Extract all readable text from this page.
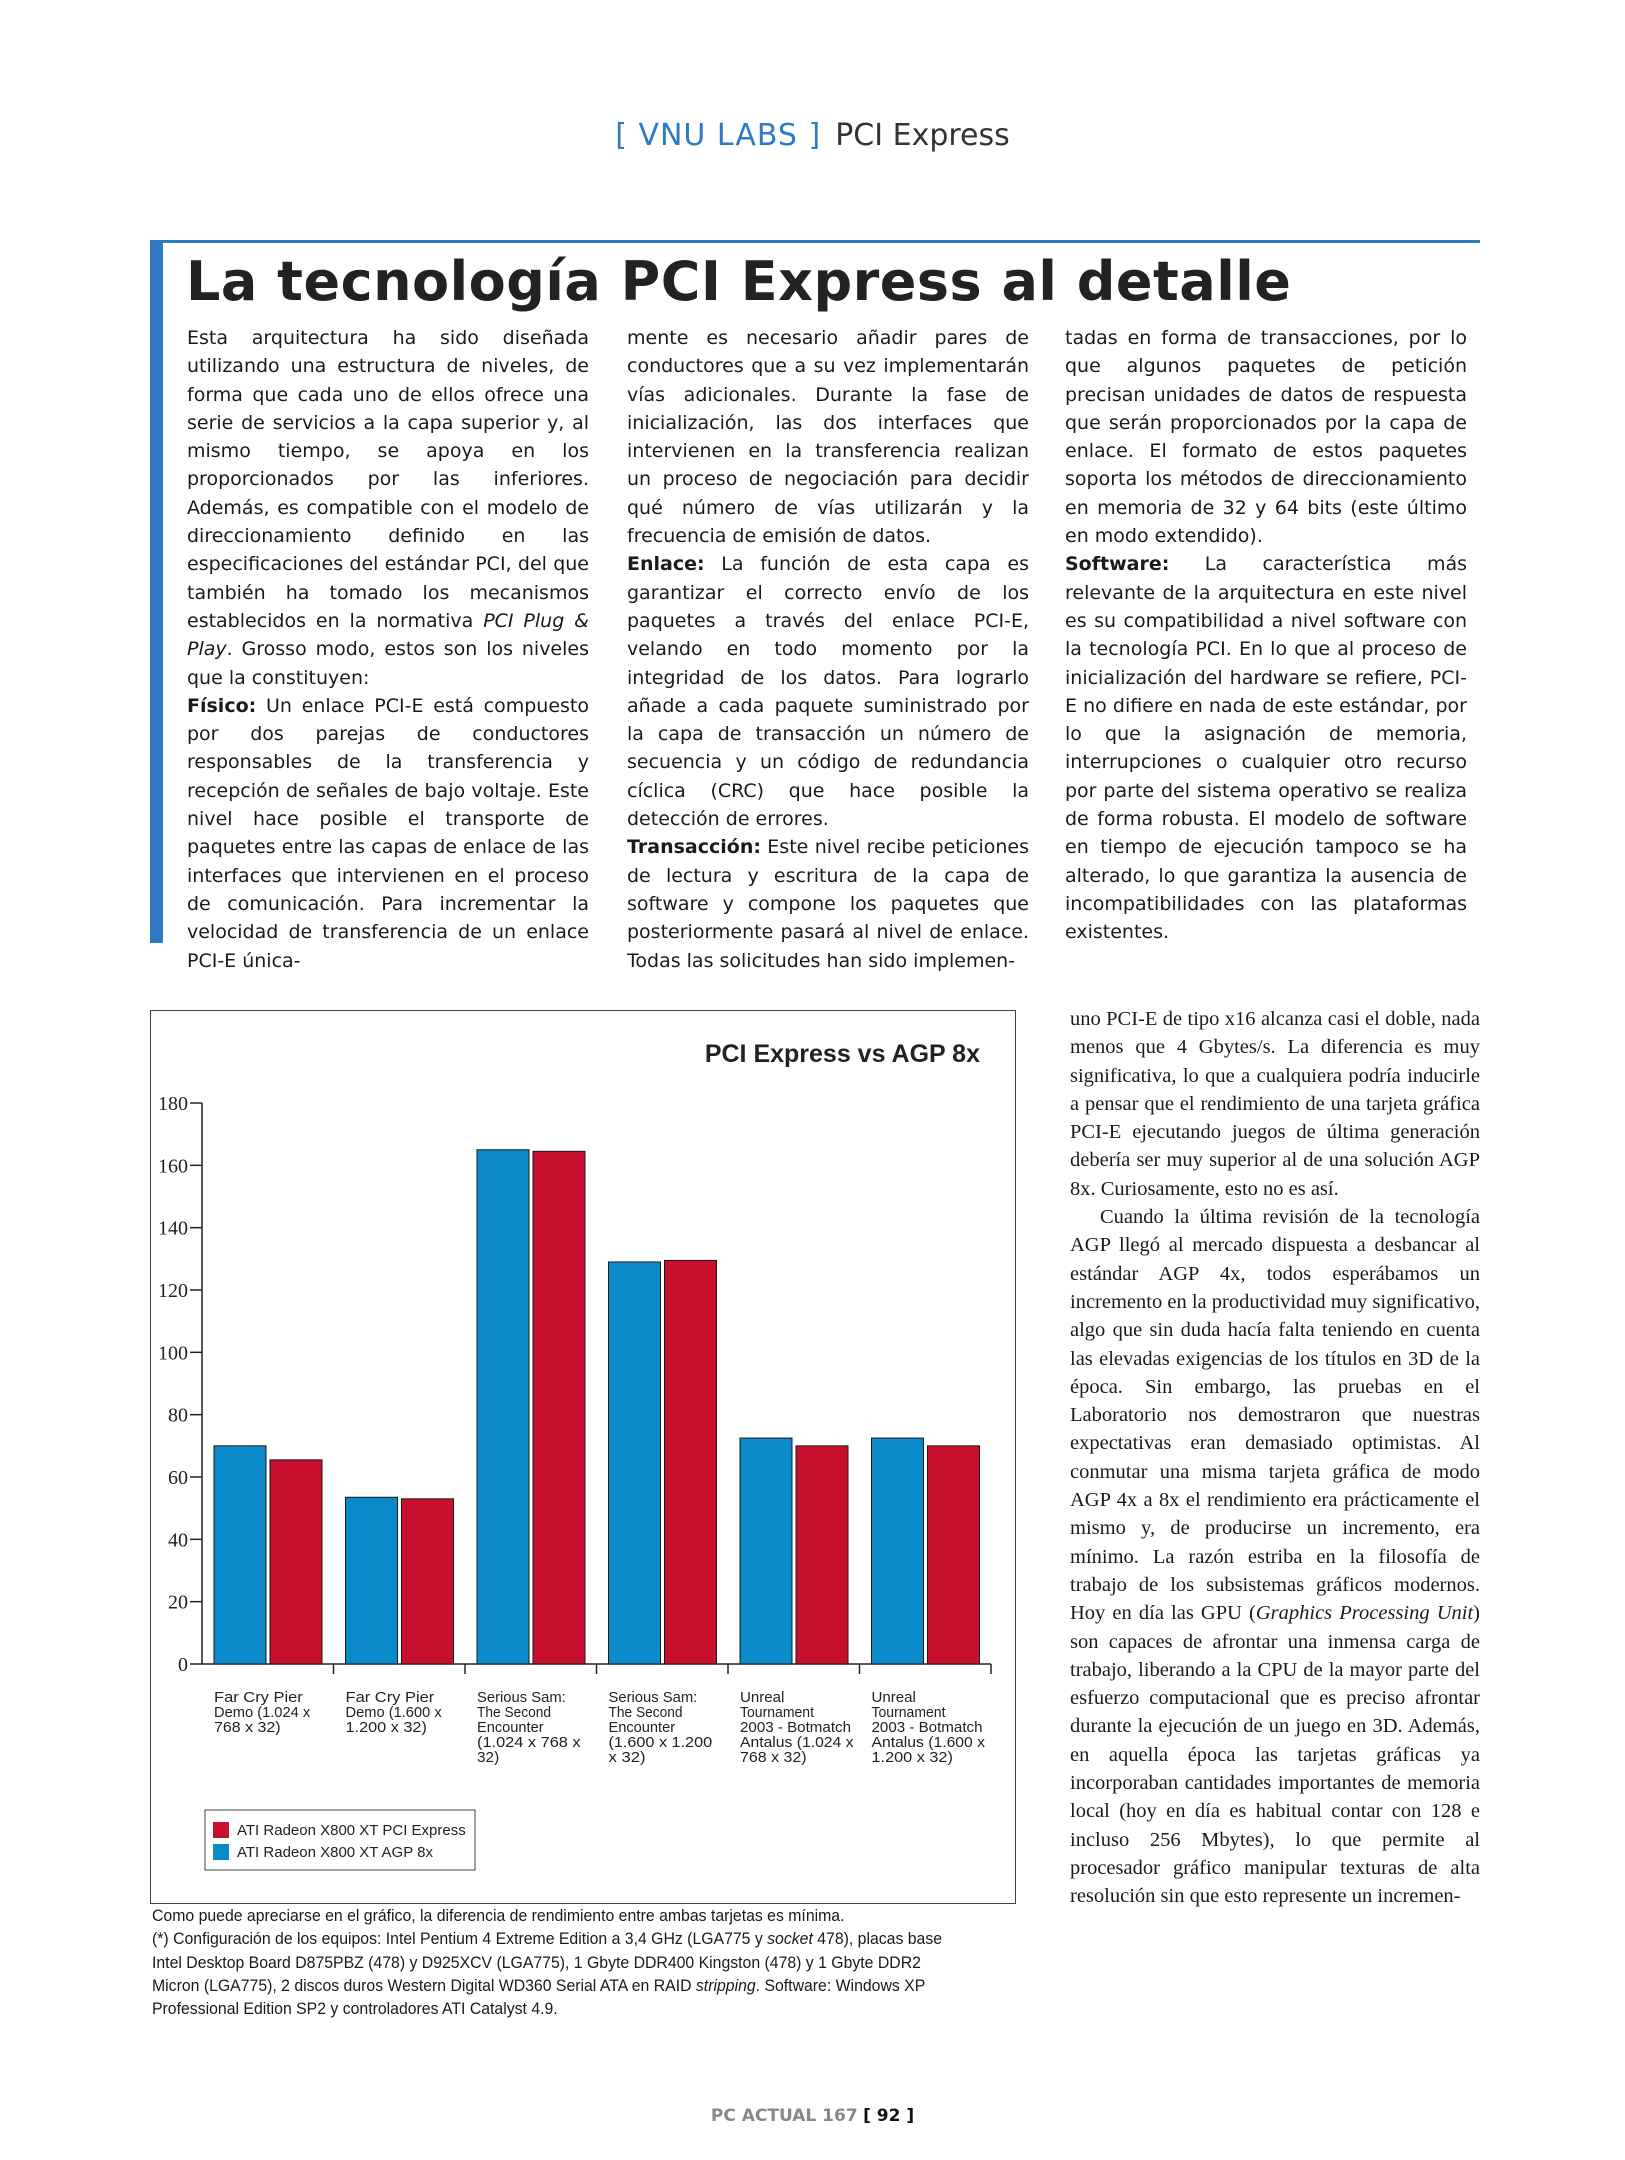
[ VNU LABS ] PCI Express
La tecnología PCI Express al detalle

Esta arquitectura ha sido diseñada utilizando una estructura de niveles, de forma que cada uno de ellos ofrece una serie de servicios a la capa superior y, al mismo tiempo, se apoya en los proporcionados por las inferiores. Además, es compatible con el modelo de direccionamiento definido en las especificaciones del estándar PCI, del que también ha tomado los mecanismos establecidos en la normativa PCI Plug & Play. Grosso modo, estos son los niveles que la constituyen:

Físico: Un enlace PCI-E está compuesto por dos parejas de conductores responsables de la transferencia y recepción de señales de bajo voltaje. Este nivel hace posible el transporte de paquetes entre las capas de enlace de las interfaces que intervienen en el proceso de comunicación. Para incrementar la velocidad de transferencia de un enlace PCI-E única-

mente es necesario añadir pares de conductores que a su vez implementarán vías adicionales. Durante la fase de inicialización, las dos interfaces que intervienen en la transferencia realizan un proceso de negociación para decidir qué número de vías utilizarán y la frecuencia de emisión de datos.

Enlace: La función de esta capa es garantizar el correcto envío de los paquetes a través del enlace PCI-E, velando en todo momento por la integridad de los datos. Para lograrlo añade a cada paquete suministrado por la capa de transacción un número de secuencia y un código de redundancia cíclica (CRC) que hace posible la detección de errores.

Transacción: Este nivel recibe peticiones de lectura y escritura de la capa de software y compone los paquetes que posteriormente pasará al nivel de enlace. Todas las solicitudes han sido implemen-

tadas en forma de transacciones, por lo que algunos paquetes de petición precisan unidades de datos de respuesta que serán proporcionados por la capa de enlace. El formato de estos paquetes soporta los métodos de direccionamiento en memoria de 32 y 64 bits (este último en modo extendido).

Software: La característica más relevante de la arquitectura en este nivel es su compatibilidad a nivel software con la tecnología PCI. En lo que al proceso de inicialización del hardware se refiere, PCI-E no difiere en nada de este estándar, por lo que la asignación de memoria, interrupciones o cualquier otro recurso por parte del sistema operativo se realiza de forma robusta. El modelo de software en tiempo de ejecución tampoco se ha alterado, lo que garantiza la ausencia de incompatibilidades con las plataformas existentes.

uno PCI-E de tipo x16 alcanza casi el doble, nada menos que 4 Gbytes/s. La diferencia es muy significativa, lo que a cualquiera podría inducirle a pensar que el rendimiento de una tarjeta gráfica PCI-E ejecutando juegos de última generación debería ser muy superior al de una solución AGP 8x. Curiosamente, esto no es así.

Cuando la última revisión de la tecnología AGP llegó al mercado dispuesta a desbancar al estándar AGP 4x, todos esperábamos un incremento en la productividad muy significativo, algo que sin duda hacía falta teniendo en cuenta las elevadas exigencias de los títulos en 3D de la época. Sin embargo, las pruebas en el Laboratorio nos demostraron que nuestras expectativas eran demasiado optimistas. Al conmutar una misma tarjeta gráfica de modo AGP 4x a 8x el rendimiento era prácticamente el mismo y, de producirse un incremento, era mínimo. La razón estriba en la filosofía de trabajo de los subsistemas gráficos modernos. Hoy en día las GPU (Graphics Processing Unit) son capaces de afrontar una inmensa carga de trabajo, liberando a la CPU de la mayor parte del esfuerzo computacional que es preciso afrontar durante la ejecución de un juego en 3D. Además, en aquella época las tarjetas gráficas ya incorporaban cantidades importantes de memoria local (hoy en día es habitual contar con 128 e incluso 256 Mbytes), lo que permite al procesador gráfico manipular texturas de alta resolución sin que esto represente un incremen-

PCI Express vs AGP 8x
0
20
40
60
80
100
120
140
160
180
Far Cry Pier
Demo (1.024 x
768 x 32)
Far Cry Pier
Demo (1.600 x
1.200 x 32)
Serious Sam:
The Second
Encounter
(1.024 x 768 x
32)
Serious Sam:
The Second
Encounter
(1.600 x 1.200
x 32)
Unreal
Tournament
2003 - Botmatch
Antalus (1.024 x
768 x 32)
Unreal
Tournament
2003 - Botmatch
Antalus (1.600 x
1.200 x 32)
ATI Radeon X800 XT PCI Express
ATI Radeon X800 XT AGP 8x

Como puede apreciarse en el gráfico, la diferencia de rendimiento entre ambas tarjetas es mínima.

(*) Configuración de los equipos: Intel Pentium 4 Extreme Edition a 3,4 GHz (LGA775 y socket 478), placas base Intel Desktop Board D875PBZ (478) y D925XCV (LGA775), 1 Gbyte DDR400 Kingston (478) y 1 Gbyte DDR2 Micron (LGA775), 2 discos duros Western Digital WD360 Serial ATA en RAID stripping. Software: Windows XP Professional Edition SP2 y controladores ATI Catalyst 4.9.

PC ACTUAL 167 [ 92 ]
